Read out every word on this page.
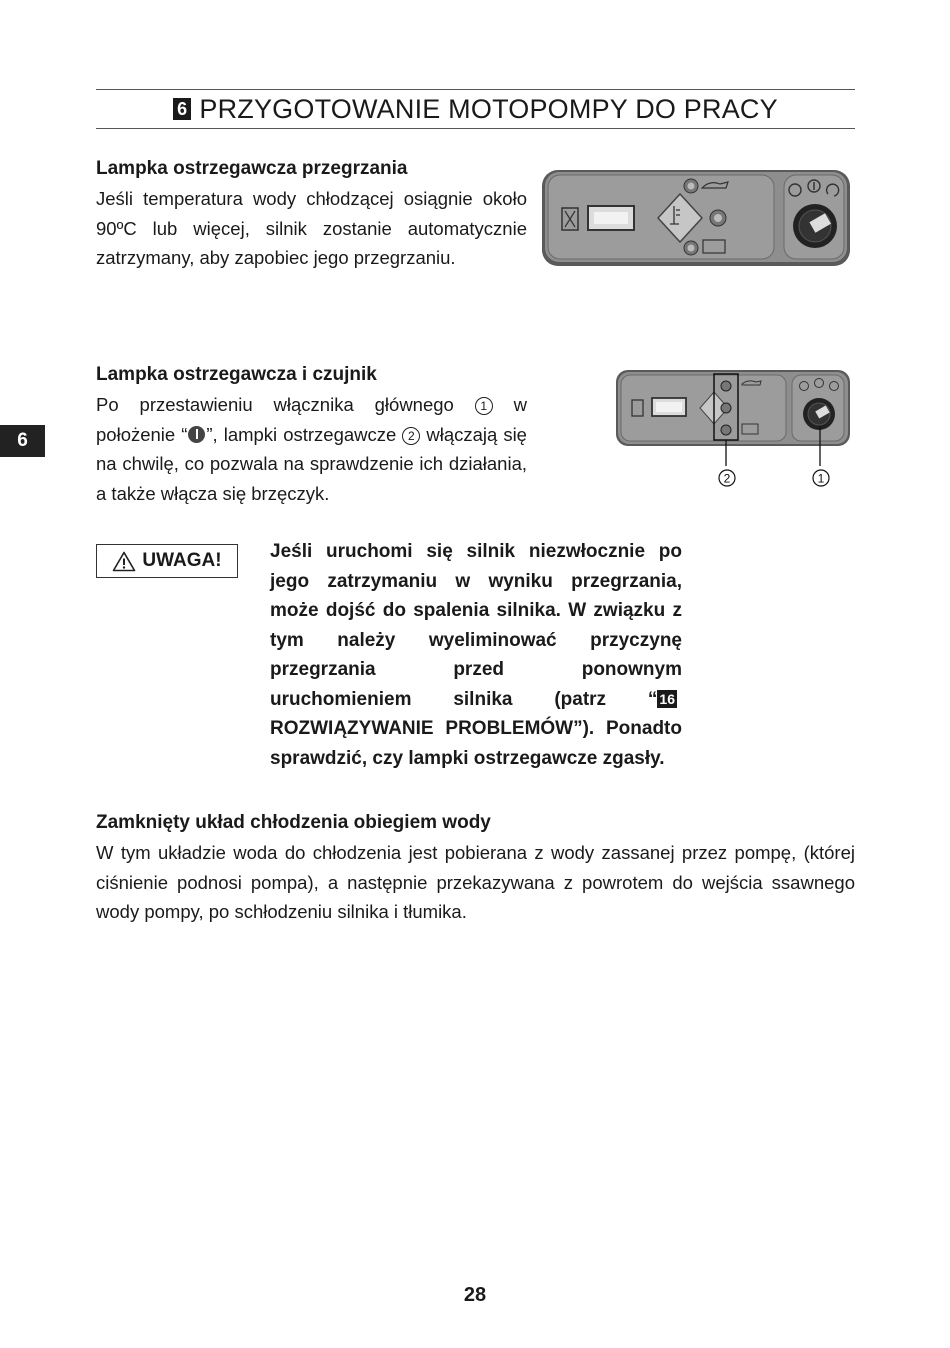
6 PRZYGOTOWANIE MOTOPOMPY DO PRACY
6
Lampka ostrzegawcza przegrzania

Jeśli temperatura wody chłodzącej osiągnie około 90ºC lub więcej, silnik zostanie automatycznie zatrzymany, aby zapobiec jego przegrzaniu.

Lampka ostrzegawcza i czujnik

Po przestawieniu włącznika głównego 1 w położenie “ ”, lampki ostrzegawcze 2 włączają się na chwilę, co pozwala na sprawdzenie ich działania, a także włącza się brzęczyk.

2	1
UWAGA!	Jeśli uruchomi się silnik niezwłocznie po jego zatrzymaniu w wyniku przegrzania, może dojść do spalenia silnika. W związku z tym należy wyeliminować przyczynę przegrzania przed ponownym uruchomieniem silnika (patrz “ 16ROZWIĄZYWANIE PROBLEMÓW”). Ponadto sprawdzić, czy lampki ostrzegawcze zgasły.
Zamknięty układ chłodzenia obiegiem wody

W tym układzie woda do chłodzenia jest pobierana z wody zassanej przez pompę, (której ciśnienie podnosi pompa), a następnie przekazywana z powrotem do wejścia ssawnego wody pompy, po schłodzeniu silnika i tłumika.

28
